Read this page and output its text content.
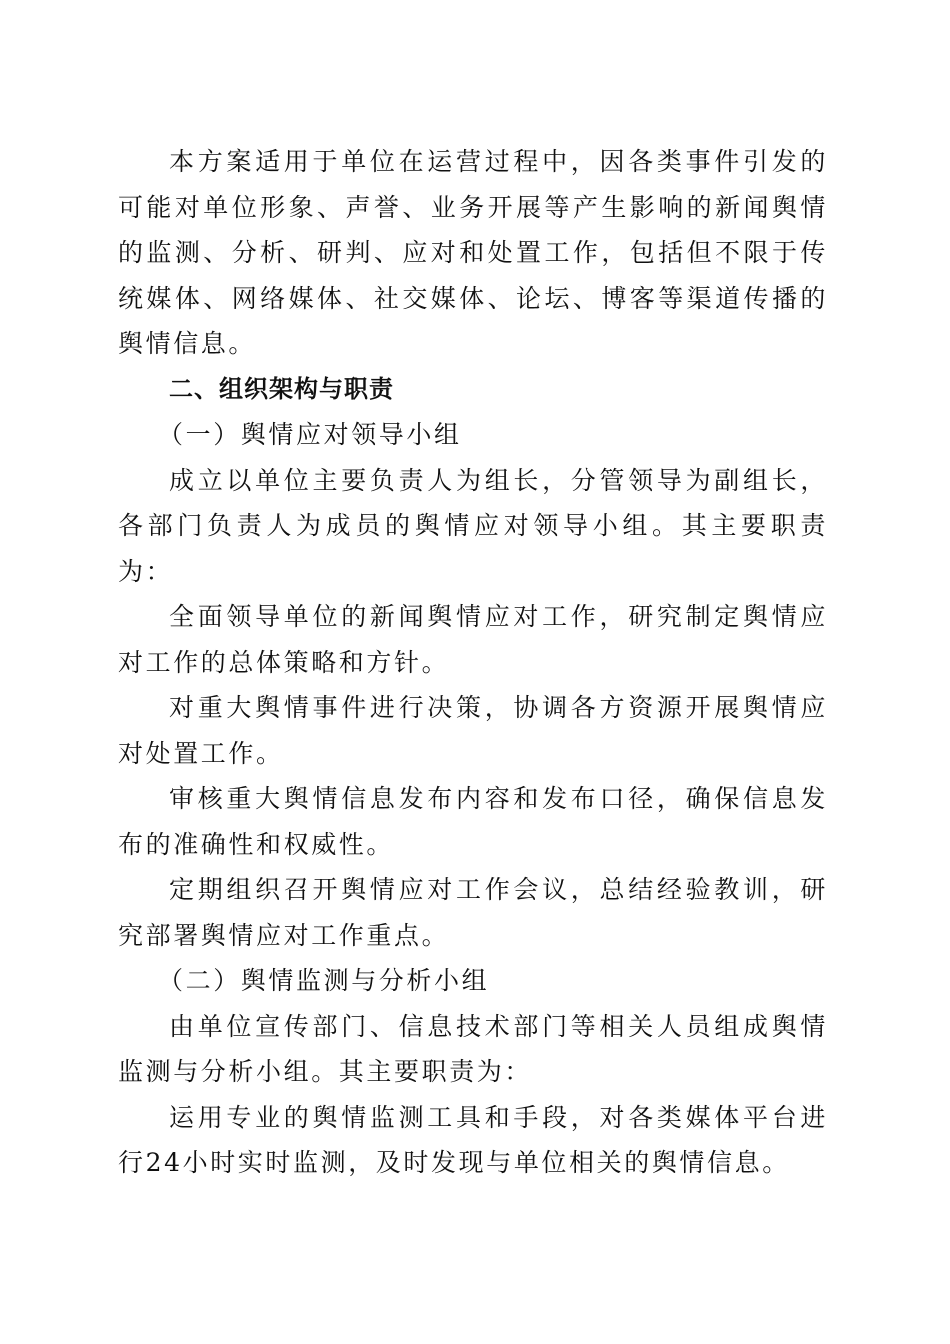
本方案适用于单位在运营过程中，因各类事件引发的可能对单位形象、声誉、业务开展等产生影响的新闻舆情的监测、分析、研判、应对和处置工作，包括但不限于传统媒体、网络媒体、社交媒体、论坛、博客等渠道传播的舆情信息。

二、组织架构与职责

（一）舆情应对领导小组

成立以单位主要负责人为组长，分管领导为副组长，各部门负责人为成员的舆情应对领导小组。其主要职责为：

全面领导单位的新闻舆情应对工作，研究制定舆情应对工作的总体策略和方针。

对重大舆情事件进行决策，协调各方资源开展舆情应对处置工作。

审核重大舆情信息发布内容和发布口径，确保信息发布的准确性和权威性。

定期组织召开舆情应对工作会议，总结经验教训，研究部署舆情应对工作重点。

（二）舆情监测与分析小组

由单位宣传部门、信息技术部门等相关人员组成舆情监测与分析小组。其主要职责为：

运用专业的舆情监测工具和手段，对各类媒体平台进行24小时实时监测，及时发现与单位相关的舆情信息。
